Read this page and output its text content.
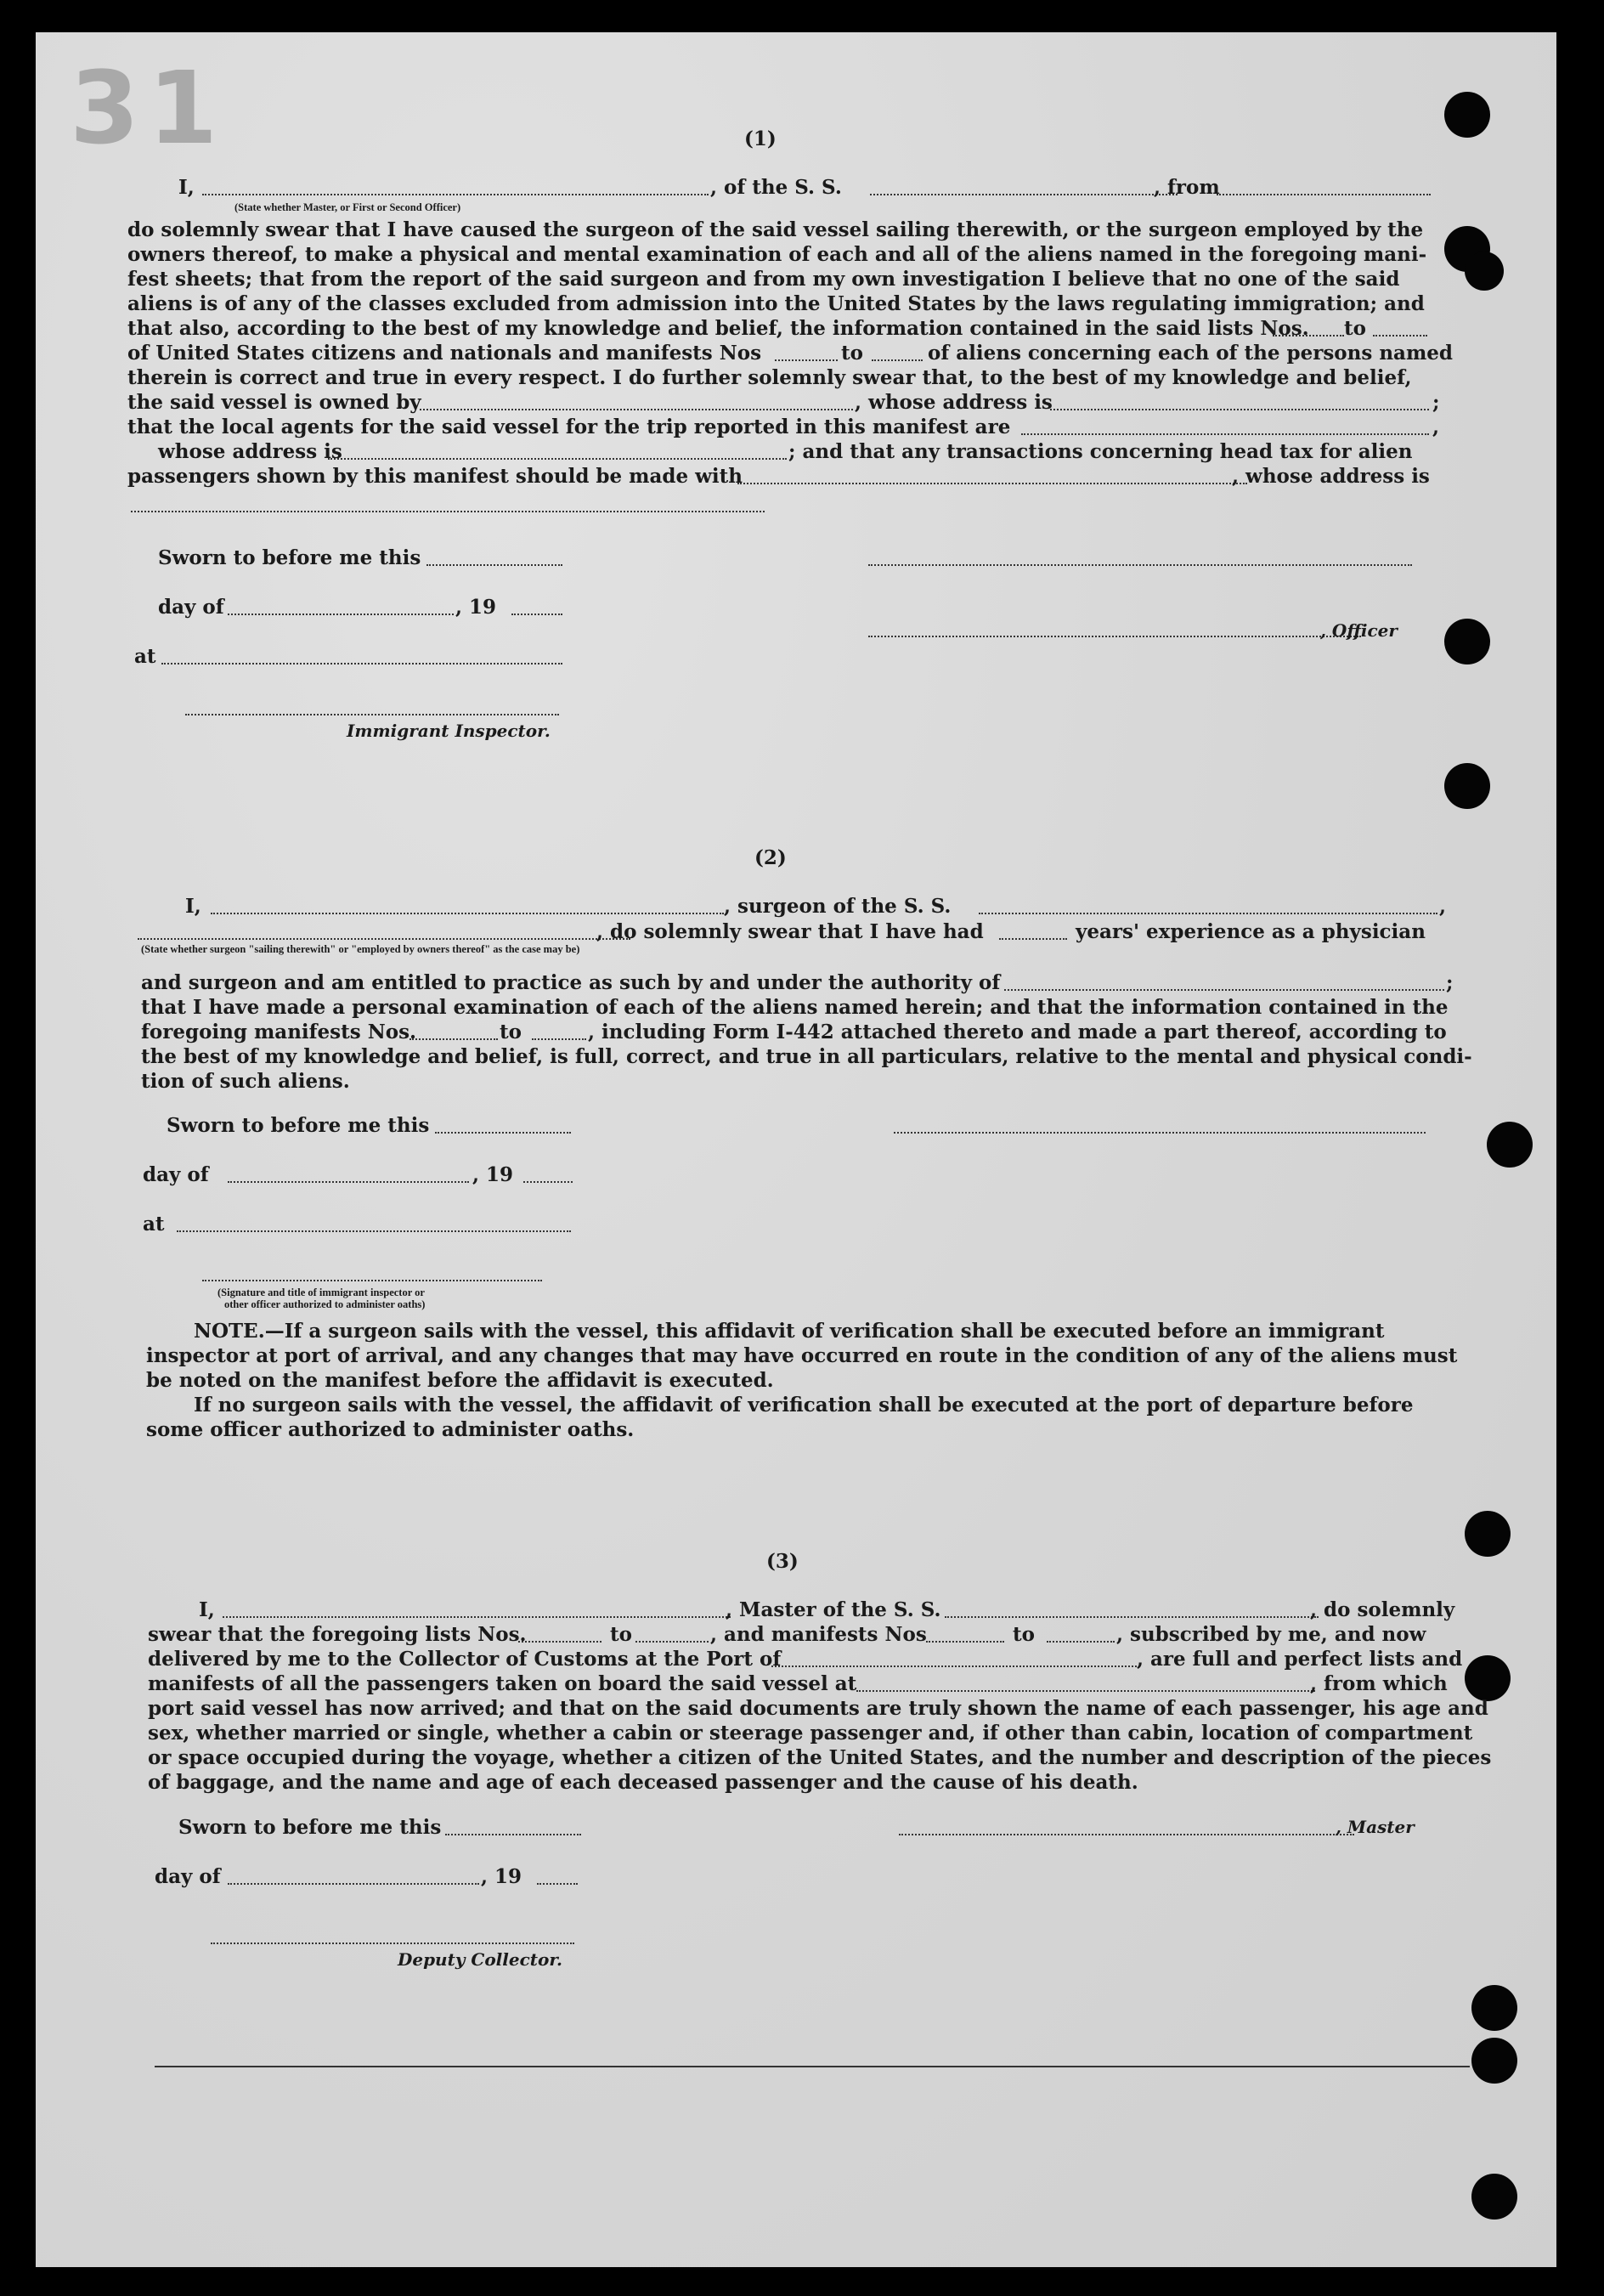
31	(1)
I,
(State whether Master, or First or Second Officer)
, of the S. S.	, from
do solemnly swear that I have caused the surgeon of the said vessel sailing therewith, or the surgeon employed by the
owners thereof, to make a physical and mental examination of each and all of the aliens named in the foregoing mani-
fest sheets; that from the report of the said surgeon and from my own investigation I believe that no one of the said
aliens is of any of the classes excluded from admission into the United States by the laws regulating immigration; and
that also, according to the best of my knowledge and belief, the information contained in the said lists Nos. to
of United States citizens and nationals and manifests Nos	to	of aliens concerning each of the persons named
therein is correct and true in every respect. I do further solemnly swear that, to the best of my knowledge and belief,
the said vessel is owned by	, whose address is	;
that the local agents for the said vessel for the trip reported in this manifest are	,
whose address is	; and that any transactions concerning head tax for alien
passengers shown by this manifest should be made with	, whose address is
Sworn to before me this
day of	, 19
, Officer
at
Immigrant Inspector.
(2)
I,	, surgeon of the S. S.	,
, do solemnly swear that I have had	years' experience as a physician
(State whether surgeon "sailing therewith" or "employed by owners thereof" as the case may be)
and surgeon and am entitled to practice as such by and under the authority of	;
that I have made a personal examination of each of the aliens named herein; and that the information contained in the
foregoing manifests Nos.	to	, including Form I-442 attached thereto and made a part thereof, according to
the best of my knowledge and belief, is full, correct, and true in all particulars, relative to the mental and physical condi-
tion of such aliens.
Sworn to before me this
day of	, 19
at
(Signature and title of immigrant inspector or
other officer authorized to administer oaths)
NOTE.—If a surgeon sails with the vessel, this affidavit of verification shall be executed before an immigrant
inspector at port of arrival, and any changes that may have occurred en route in the condition of any of the aliens must
be noted on the manifest before the affidavit is executed.
If no surgeon sails with the vessel, the affidavit of verification shall be executed at the port of departure before
some officer authorized to administer oaths.
(3)
I,	, Master of the S. S.	, do solemnly
swear that the foregoing lists Nos.	to	, and manifests Nos	to	, subscribed by me, and now
delivered by me to the Collector of Customs at the Port of	, are full and perfect lists and
manifests of all the passengers taken on board the said vessel at	, from which
port said vessel has now arrived; and that on the said documents are truly shown the name of each passenger, his age and
sex, whether married or single, whether a cabin or steerage passenger and, if other than cabin, location of compartment
or space occupied during the voyage, whether a citizen of the United States, and the number and description of the pieces
of baggage, and the name and age of each deceased passenger and the cause of his death.
Sworn to before me this	, Master
day of	, 19
Deputy Collector.
